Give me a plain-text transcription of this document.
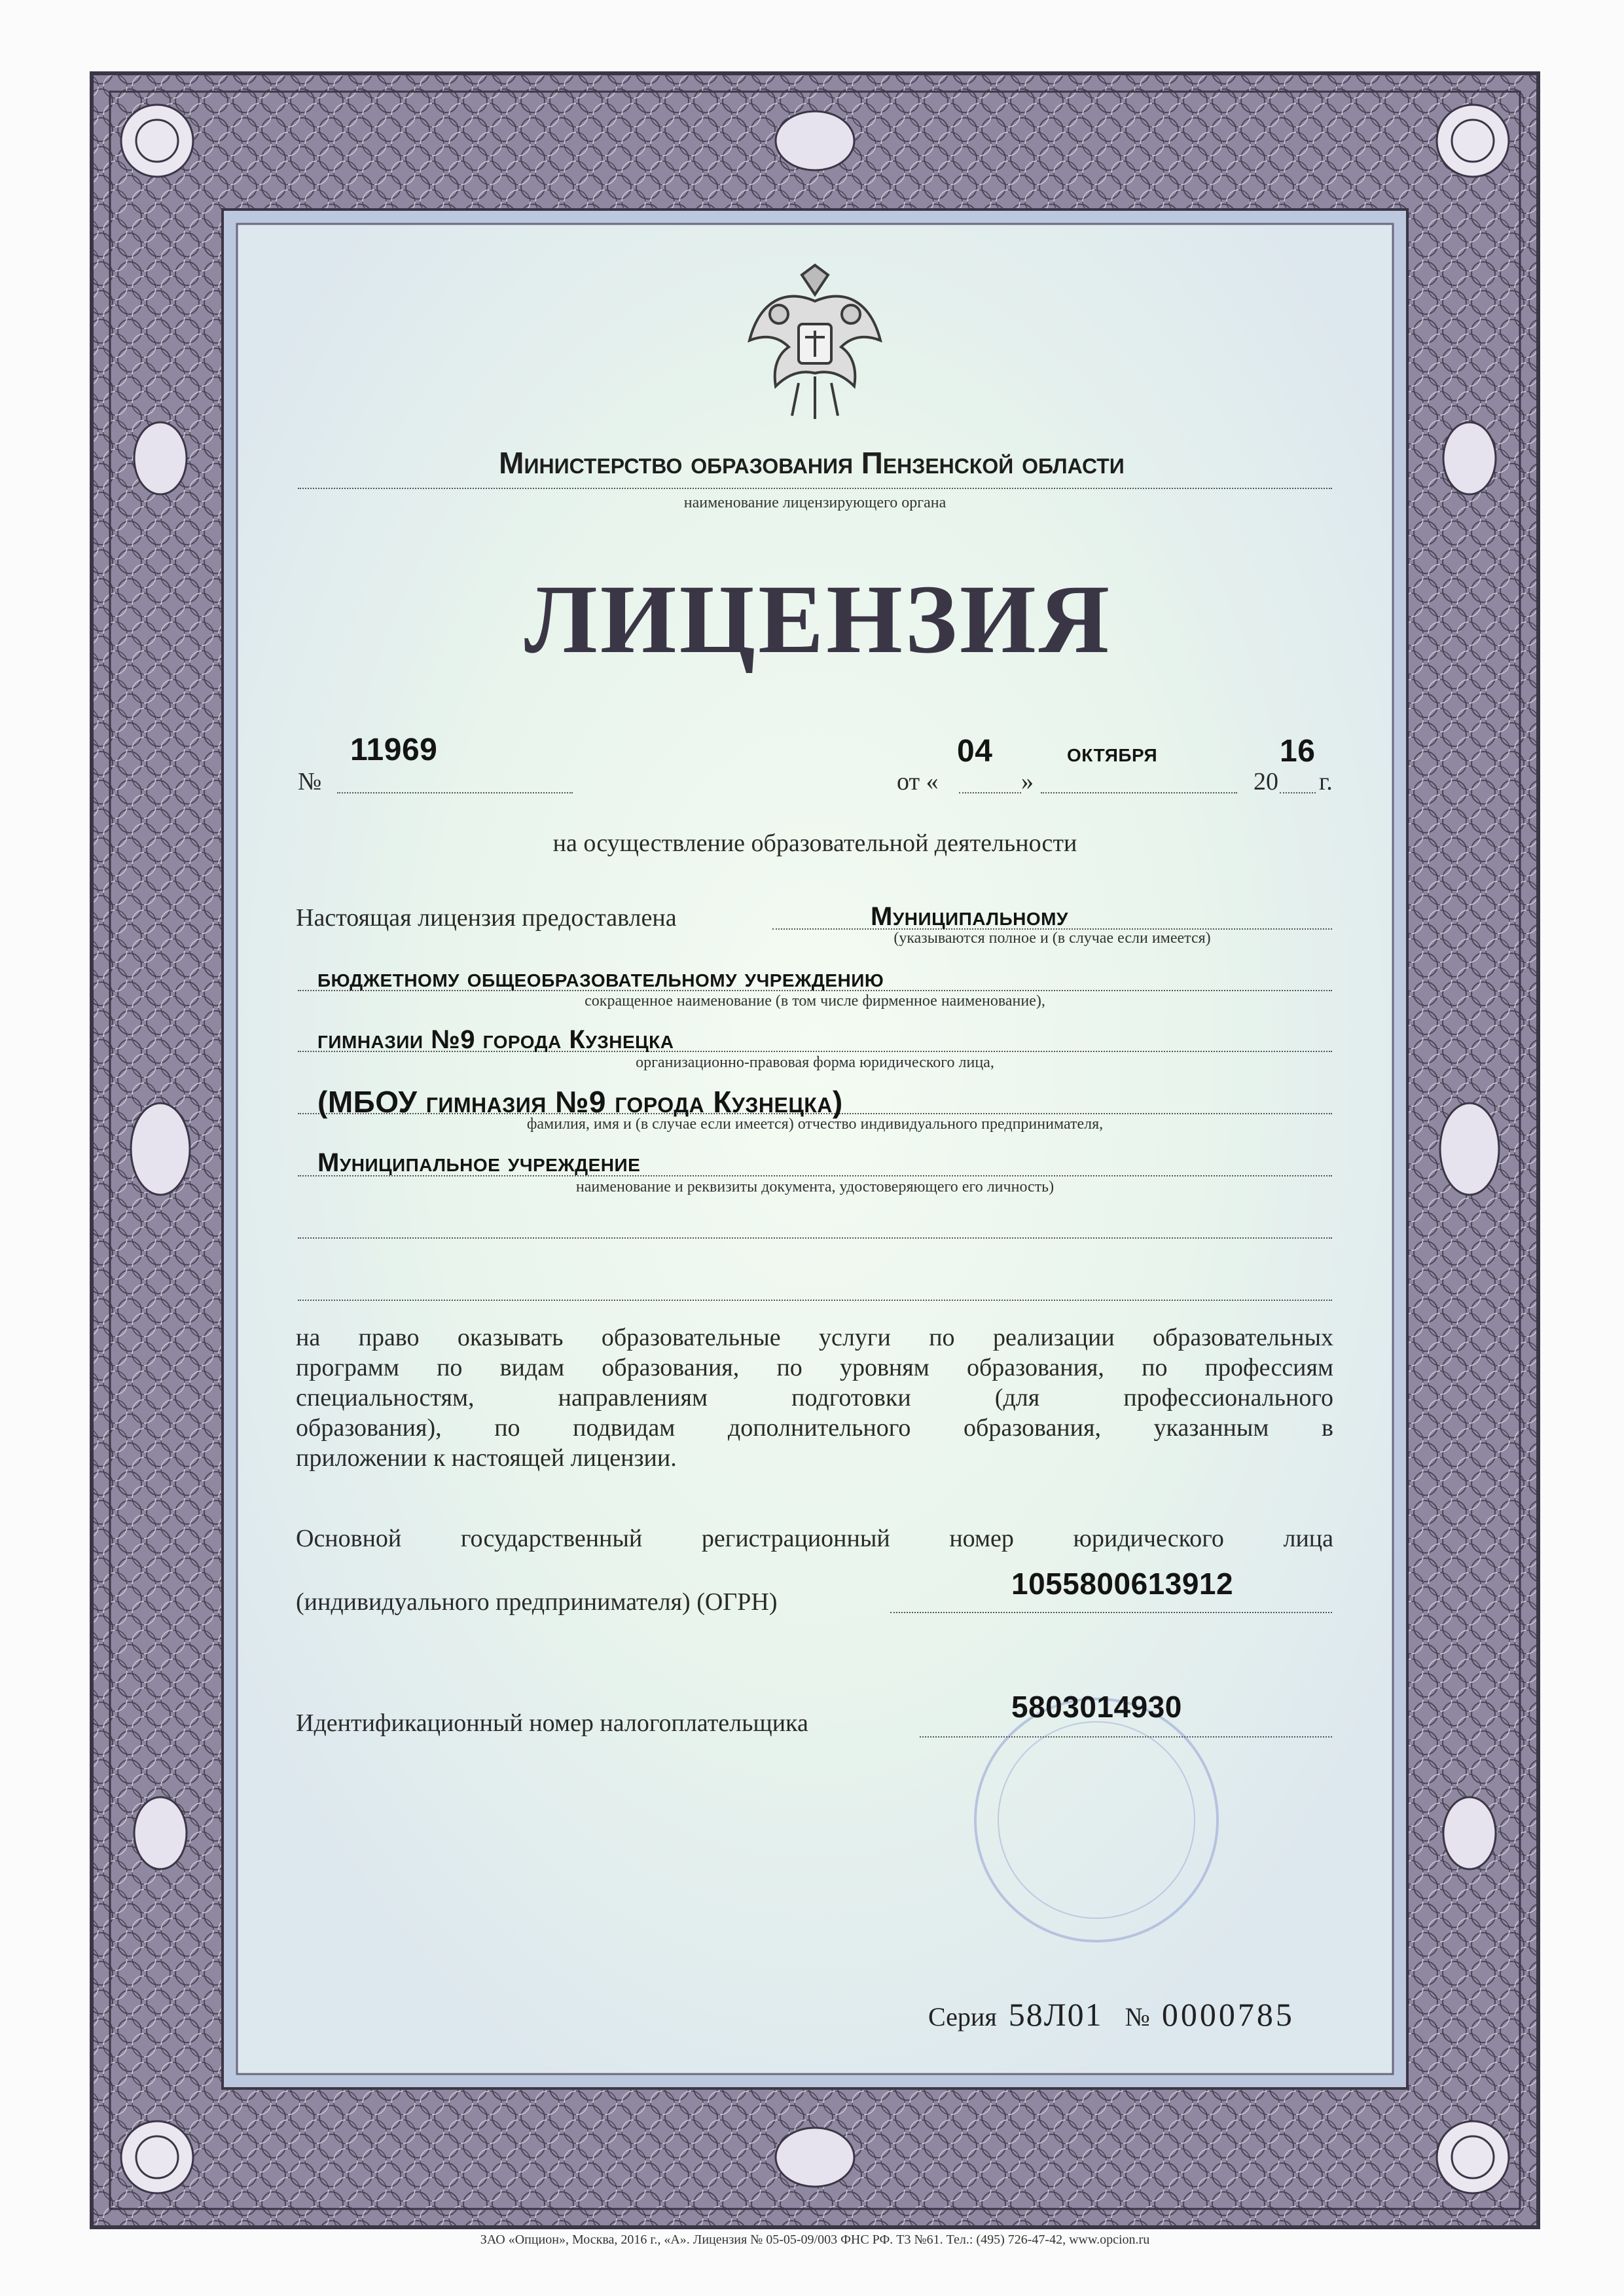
Министерство образования Пензенской области
наименование лицензирующего органа
ЛИЦЕНЗИЯ
№
11969
от «
04
»
октября
20
16
г.
на осуществление образовательной деятельности
Настоящая лицензия предоставлена	Муниципальному
(указываются полное и (в случае если имеется)
бюджетному общеобразовательному учреждению
сокращенное наименование (в том числе фирменное наименование),
гимназии №9 города Кузнецка
организационно-правовая форма юридического лица,
(МБОУ гимназия №9 города Кузнецка)
фамилия, имя и (в случае если имеется) отчество индивидуального предпринимателя,
Муниципальное учреждение
наименование и реквизиты документа, удостоверяющего его личность)
на право оказывать образовательные услуги по реализации образовательных
программ по видам образования, по уровням образования, по профессиям
специальностям, направлениям подготовки (для профессионального
образования), по подвидам дополнительного образования, указанным в
приложении к настоящей лицензии.
Основной государственный регистрационный номер юридического лица
(индивидуального предпринимателя) (ОГРН)
1055800613912
Идентификационный номер налогоплательщика	5803014930
Серия 58Л01 № 0000785
ЗАО «Опцион», Москва, 2016 г., «А». Лицензия № 05-05-09/003 ФНС РФ. Т3 №61. Тел.: (495) 726-47-42, www.opcion.ru
